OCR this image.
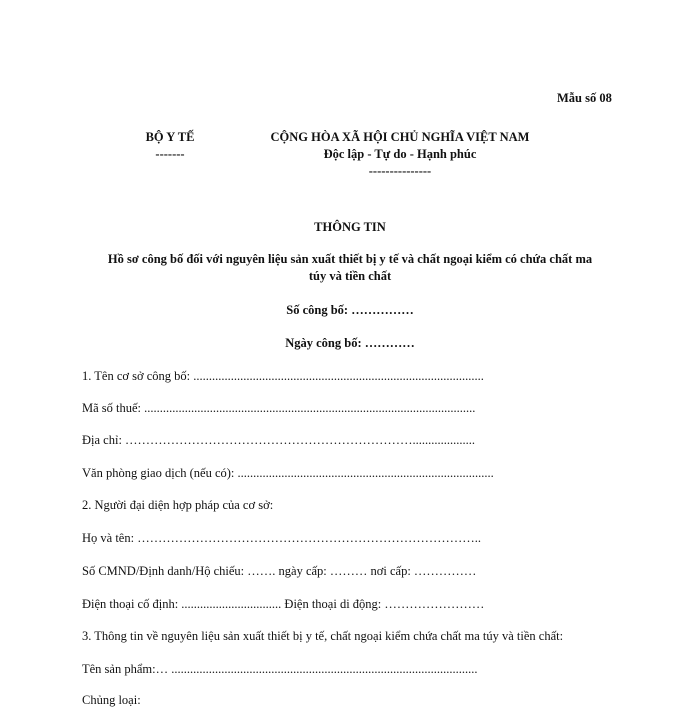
Mẫu số 08
BỘ Y TẾ
-------
CỘNG HÒA XÃ HỘI CHỦ NGHĨA VIỆT NAM
Độc lập - Tự do - Hạnh phúc
---------------
THÔNG TIN
Hồ sơ công bố đối với nguyên liệu sản xuất thiết bị y tế và chất ngoại kiểm có chứa chất ma
túy và tiền chất
Số công bố: ……………
Ngày công bố: …………
1. Tên cơ sở công bố: .............................................................................................
Mã số thuế: ..........................................................................................................
Địa chỉ: ……………………………………………………………....................
Văn phòng giao dịch (nếu có): ..................................................................................
2. Người đại diện hợp pháp của cơ sở:
Họ và tên: ………………………………………………………………………..
Số CMND/Định danh/Hộ chiếu: ……. ngày cấp: ……… nơi cấp: ……………
Điện thoại cố định: ................................ Điện thoại di động: ……………………
3. Thông tin về nguyên liệu sản xuất thiết bị y tế, chất ngoại kiểm chứa chất ma túy và tiền chất:
Tên sản phẩm:… ..................................................................................................
Chủng loại:
